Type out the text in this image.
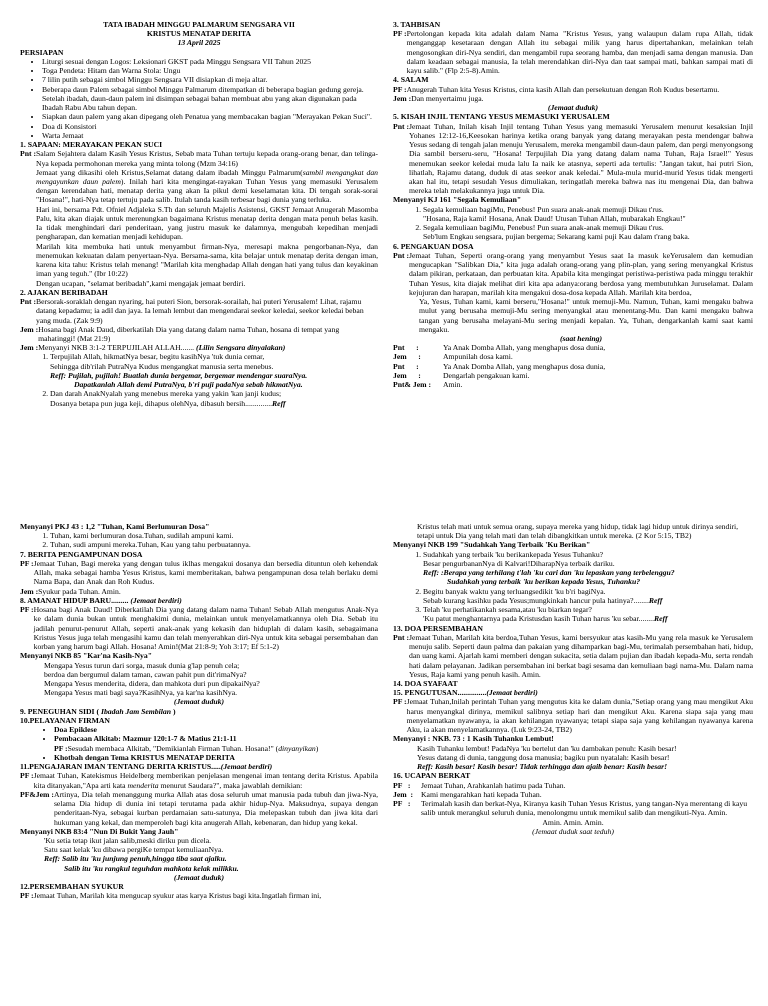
TATA IBADAH MINGGU PALMARUM SENGSARA VII

KRISTUS MENATAP DERITA

13 April 2025

PERSIAPAN

• Liturgi sesuai dengan Logos: Leksionari GKST pada Minggu Sengsara VII Tahun 2025
• Toga Pendeta: Hitam dan Warna Stola: Ungu
• 7 lilin putih sebagai simbol Minggu Sengsara VII disiapkan di meja altar.
• Beberapa daun Palem sebagai simbol Minggu Palmarum ditempatkan di beberapa bagian gedung gereja. Setelah ibadah, daun-daun palem ini disimpan sebagai bahan membuat abu yang akan digunakan pada Ibadah Rabu Abu tahun depan.
• Siapkan daun palem yang akan dipegang oleh Penatua yang membacakan bagian "Merayakan Pekan Suci".
• Doa di Konsistori
• Warta Jemaat

1. SAPAAN: MERAYAKAN PEKAN SUCI

Pnt : Salam Sejahtera dalam Kasih Yesus Kristus, Sebab mata Tuhan tertuju kepada orang-orang benar, dan telinga-Nya kepada permohonan mereka yang minta tolong (Mzm 34:16)

Jemaat yang dikasihi oleh Kristus,Selamat datang dalam ibadah Minggu Palmarum(sambil mengangkat dan mengayunkan daun palem). Inilah hari kita mengingat-rayakan Tuhan Yesus yang memasuki Yerusalem dengan kerendahan hati, menatap derita yang akan Ia pikul demi keselamatan kita. Di tengah sorak-sorai "Hosana!", hati-Nya tetap tertuju pada salib. Itulah tanda kasih terbesar bagi dunia yang terluka.

Hari ini, bersama Pdt. Ofniel Adjaleka S.Th dan seluruh Majelis Asistensi, GKST Jemaat Anugerah Masomba Palu, kita akan diajak untuk merenungkan bagaimana Kristus menatap derita dengan mata penuh belas kasih. Ia tidak menghindari dari penderitaan, yang justru masuk ke dalamnya, mengubah kepedihan menjadi pengharapan, dan kematian menjadi kehidupan.

Marilah kita membuka hati untuk menyambut firman-Nya, meresapi makna pengorbanan-Nya, dan menemukan kekuatan dalam penyertaan-Nya. Bersama-sama, kita belajar untuk menatap derita dengan iman, karena kita tahu: Kristus telah menang! "Marilah kita menghadap Allah dengan hati yang tulus dan keyakinan iman yang teguh." (Ibr 10:22)

Dengan ucapan, "selamat beribadah",kami mengajak jemaat berdiri.

2. AJAKAN BERIBADAH

Pnt : Bersorak-soraklah dengan nyaring, hai puteri Sion, bersorak-sorailah, hai puteri Yerusalem! Lihat, rajamu datang kepadamu; ia adil dan jaya. Ia lemah lembut dan mengendarai seekor keledai, seekor keledai beban yang muda. (Zak 9:9)
Jem : Hosana bagi Anak Daud, diberkatilah Dia yang datang dalam nama Tuhan, hosana di tempat yang mahatinggi! (Mat 21:9)
Jem : Menyanyi NKB 3:1-2 TERPUJILAH ALLAH....... (Lilin Sengsara dinyalakan)
1. Terpujilah Allah, hikmatNya besar, begitu kasihNya 'tuk dunia cemar,
Sehingga dib'rilah PutraNya Kudus mengangkat manusia serta menebus.
Reff: Pujilah, pujilah! Buatlah dunia bergemar, bergemar mendengar suaraNya.
Dapatkanlah Allah demi PutraNya, b'ri puji padaNya sebab hikmatNya.
2. Dan darah AnakNyalah yang menebus mereka yang yakin 'kan janji kudus;
Dosanya betapa pun juga keji, dihapus olehNya, dibasuh bersih..............Reff

3. TAHBISAN

PF : Pertolongan kepada kita adalah dalam Nama "Kristus Yesus, yang walaupun dalam rupa Allah, tidak menganggap kesetaraan dengan Allah itu sebagai milik yang harus dipertahankan, melainkan telah mengosongkan diri-Nya sendiri, dan mengambil rupa seorang hamba, dan menjadi sama dengan manusia. Dan dalam keadaan sebagai manusia, Ia telah merendahkan diri-Nya dan taat sampai mati, bahkan sampai mati di kayu salib." (Flp 2:5-8).Amin.

4. SALAM

PF : Anugerah Tuhan kita Yesus Kristus, cinta kasih Allah dan persekutuan dengan Roh Kudus besertamu.
Jem : Dan menyertaimu juga.

(Jemaat duduk)

5. KISAH INJIL TENTANG YESUS MEMASUKI YERUSALEM

Pnt : Jemaat Tuhan, Inilah kisah Injil tentang Tuhan Yesus yang memasuki Yerusalem menurut kesaksian Injil Yohanes 12:12-16,Keesokan harinya ketika orang banyak yang datang merayakan pesta mendengar bahwa Yesus sedang di tengah jalan menuju Yerusalem, mereka mengambil daun-daun palem, dan pergi menyongsong Dia sambil berseru-seru, "Hosana! Terpujilah Dia yang datang dalam nama Tuhan, Raja Israel!" Yesus menemukan seekor keledai muda lalu Ia naik ke atasnya, seperti ada tertulis: "Jangan takut, hai putri Sion, lihatlah, Rajamu datang, duduk di atas seekor anak keledai." Mula-mula murid-murid Yesus tidak mengerti akan hal itu, tetapi sesudah Yesus dimuliakan, teringatlah mereka bahwa nas itu mengenai Dia, dan bahwa mereka telah melakukannya juga untuk Dia.

Menyanyi KJ 161 "Segala Kemuliaan"

1. Segala kemuliaan bagiMu, Penebus! Pun suara anak-anak memuji Dikau t'rus.
"Hosana, Raja kami! Hosana, Anak Daud! Utusan Tuhan Allah, mubarakah Engkau!"
2. Segala kemuliaan bagiMu, Penebus! Pun suara anak-anak memuji Dikau t'rus.
Seb'lum Engkau sengsara, pujian bergema; Sekarang kami puji Kau dalam t'rang baka.

6. PENGAKUAN DOSA

Pnt : Jemaat Tuhan, Seperti orang-orang yang menyambut Yesus saat Ia masuk keYerusalem dan kemudian mengucapkan "Salibkan Dia," kita juga adalah orang-orang yang plin-plan, yang sering menyangkal Kristus dalam pikiran, perkataan, dan perbuatan kita. Apabila kita mengingat peristiwa-peristiwa pada minggu terakhir Tuhan Yesus, kita diajak melihat diri kita apa adanya:orang berdosa yang membutuhkan Juruselamat. Dalam kejujuran dan harapan, marilah kita mengakui dosa-dosa kepada Allah. Marilah kita berdoa,

Ya, Yesus, Tuhan kami, kami berseru,"Hosana!" untuk memuji-Mu. Namun, Tuhan, kami mengaku bahwa mulut yang berusaha memuji-Mu sering menyangkal atau menentang-Mu. Dan kami mengaku bahwa tangan yang berusaha melayani-Mu sering menjadi kepalan. Ya, Tuhan, dengarkanlah kami saat kami mengaku.

(saat hening)

Pnt      :	Ya Anak Domba Allah, yang menghapus dosa dunia,
Jem      :	Ampunilah dosa kami.
Pnt      :	Ya Anak Domba Allah, yang menghapus dosa dunia,
Jem      :	Dengarlah pengakuan kami.
Pnt& Jem :	Amin.

Menyanyi PKJ 43 : 1,2 "Tuhan, Kami Berlumuran Dosa"

1. Tuhan, kami berlumuran dosa.Tuhan, sudilah ampuni kami.
2. Tuhan, sudi ampuni mereka.Tuhan, Kau yang tahu perbuatannya.

7. BERITA PENGAMPUNAN DOSA

PF : Jemaat Tuhan, Bagi mereka yang dengan tulus iklhas mengakui dosanya dan bersedia dituntun oleh kehendak Allah, maka sebagai hamba Yesus Kristus, kami memberitakan, bahwa pengampunan dosa telah berlaku demi Nama Bapa, dan Anak dan Roh Kudus.
Jem : Syukur pada Tuhan. Amin.

8. AMANAT HIDUP BARU......... (Jemaat berdiri)

PF : Hosana bagi Anak Daud! Diberkatilah Dia yang datang dalam nama Tuhan! Sebab Allah mengutus Anak-Nya ke dalam dunia bukan untuk menghakimi dunia, melainkan untuk menyelamatkannya oleh Dia. Sebab itu jadilah penurut-penurut Allah, seperti anak-anak yang kekasih dan hiduplah di dalam kasih, sebagaimana Kristus Yesus juga telah mengasihi kamu dan telah menyerahkan diri-Nya untuk kita sebagai persembahan dan korban yang harum bagi Allah. Hosana! Amin!(Mat 21:8-9; Yoh 3:17; Ef 5:1-2)

Menyanyi NKB 85 "Kar'na Kasih-Nya"

Mengapa Yesus turun dari sorga, masuk dunia g'lap penuh cela;

berdoa dan bergumul dalam taman, cawan pahit pun dit'rimaNya?

Mengapa Yesus menderita, didera, dan mahkota duri pun dipakaiNya?

Mengapa Yesus mati bagi saya?KasihNya, ya kar'na kasihNya.

(Jemaat duduk)

9. PENEGUHAN SIDI ( Ibadah Jam Sembilan )

10.PELAYANAN FIRMAN

• Doa Epiklese
• Pembacaan Alkitab: Mazmur 120:1-7 & Matius 21:1-11
PF : Sesudah membaca Alkitab, "Demikianlah Firman Tuhan. Hosana!" (dinyanyikan)
• Khotbah dengan Tema KRISTUS MENATAP DERITA

11.PENGAJARAN IMAN TENTANG DERITA KRISTUS.....(Jemaat berdiri)

PF : Jemaat Tuhan, Katekismus Heidelberg memberikan penjelasan mengenai iman tentang derita Kristus. Apabila kita ditanyakan,"Apa arti kata menderita menurut Saudara?", maka jawablah demikian:
PF&Jem : Artinya, Dia telah menanggung murka Allah atas dosa seluruh umat manusia pada tubuh dan jiwa-Nya, selama Dia hidup di dunia ini tetapi terutama pada akhir hidup-Nya. Maksudnya, supaya dengan penderitaan-Nya, sebagai kurban perdamaian satu-satunya, Dia melepaskan tubuh dan jiwa kita dari hukuman yang kekal, dan memperoleh bagi kita anugerah Allah, kebenaran, dan hidup yang kekal.

Menyanyi NKB 83:4 "Nun Di Bukit Yang Jauh"

'Ku setia tetap ikut jalan salib,meski diriku pun dicela.

Satu saat kelak 'ku dibawa pergiKe tempat kemuliaanNya.

Reff: Salib itu 'ku junjung penuh,hingga tiba saat ajalku.

Salib itu 'ku rangkul teguhdan mahkota kelak milikku.

(Jemaat duduk)

12.PERSEMBAHAN SYUKUR

PF : Jemaat Tuhan, Marilah kita mengucap syukur atas karya Kristus bagi kita.Ingatlah firman ini,

Kristus telah mati untuk semua orang, supaya mereka yang hidup, tidak lagi hidup untuk dirinya sendiri, tetapi untuk Dia yang telah mati dan telah dibangkitkan untuk mereka. (2 Kor 5:15, TB2)

Menyanyi NKB 199 "Sudahkah Yang Terbaik 'Ku Berikan"

1. Sudahkah yang terbaik 'ku berikankepada Yesus Tuhanku?
Besar pengurbananNya di Kalvari!DiharapNya terbaik dariku.
Reff: :Berapa yang terhilang t'lah 'ku cari dan 'ku lepaskan yang terbelenggu?
Sudahkah yang terbaik 'ku berikan kepada Yesus, Tuhanku?
2. Begitu banyak waktu yang terluangsedikit 'ku b'ri bagiNya.
Sebab kurang kasihku pada Yesus;mungkinkah hancur pula hatinya?........Reff
3. Telah 'ku perhatikankah sesama,atau 'ku biarkan tegar?
'Ku patut menghantarnya pada Kristusdan kasih Tuhan harus 'ku sebar........Reff

13. DOA PERSEMBAHAN

Pnt : Jemaat Tuhan, Marilah kita berdoa,Tuhan Yesus, kami bersyukur atas kasih-Mu yang rela masuk ke Yerusalem menuju salib. Seperti daun palma dan pakaian yang dihamparkan bagi-Mu, terimalah persembahan hati, hidup, dan uang kami. Ajarlah kami memberi dengan sukacita, setia dalam pujian dan ibadah kepada-Mu, serta rendah hati dalam pelayanan. Jadikan persembahan ini berkat bagi sesama dan kemuliaan bagi nama-Mu. Dalam nama Yesus, Raja kami yang penuh kasih. Amin.

14. DOA SYAFAAT

15. PENGUTUSAN...............(Jemaat berdiri)

PF : Jemaat Tuhan,Inilah perintah Tuhan yang mengutus kita ke dalam dunia,"Setiap orang yang mau mengikut Aku harus menyangkal dirinya, memikul salibnya setiap hari dan mengikut Aku. Karena siapa saja yang mau menyelamatkan nyawanya, ia akan kehilangan nyawanya; tetapi siapa saja yang kehilangan nyawanya karena Aku, ia akan menyelamatkannya. (Luk 9:23-24, TB2)

Menyanyi : NKB. 73 : 1 Kasih Tuhanku Lembut!

Kasih Tuhanku lembut! PadaNya 'ku bertelut dan 'ku dambakan penuh: Kasih besar!

Yesus datang di dunia, tanggung dosa manusia; bagiku pun nyatalah: Kasih besar!

Reff: Kasih besar! Kasih besar! Tidak terhingga dan ajaib benar: Kasih besar!

16. UCAPAN BERKAT

PF   :	Jemaat Tuhan, Arahkanlah hatimu pada Tuhan.
Jem  :	Kami mengarahkan hati kepada Tuhan.
PF   :	Terimalah kasih dan berkat-Nya, Kiranya kasih Tuhan Yesus Kristus, yang tangan-Nya merentang di kayu salib untuk merangkul seluruh dunia, menolongmu untuk memikul salib dan mengikuti-Nya. Amin.

Amin. Amin. Amin.

(Jemaat duduk saat teduh)
